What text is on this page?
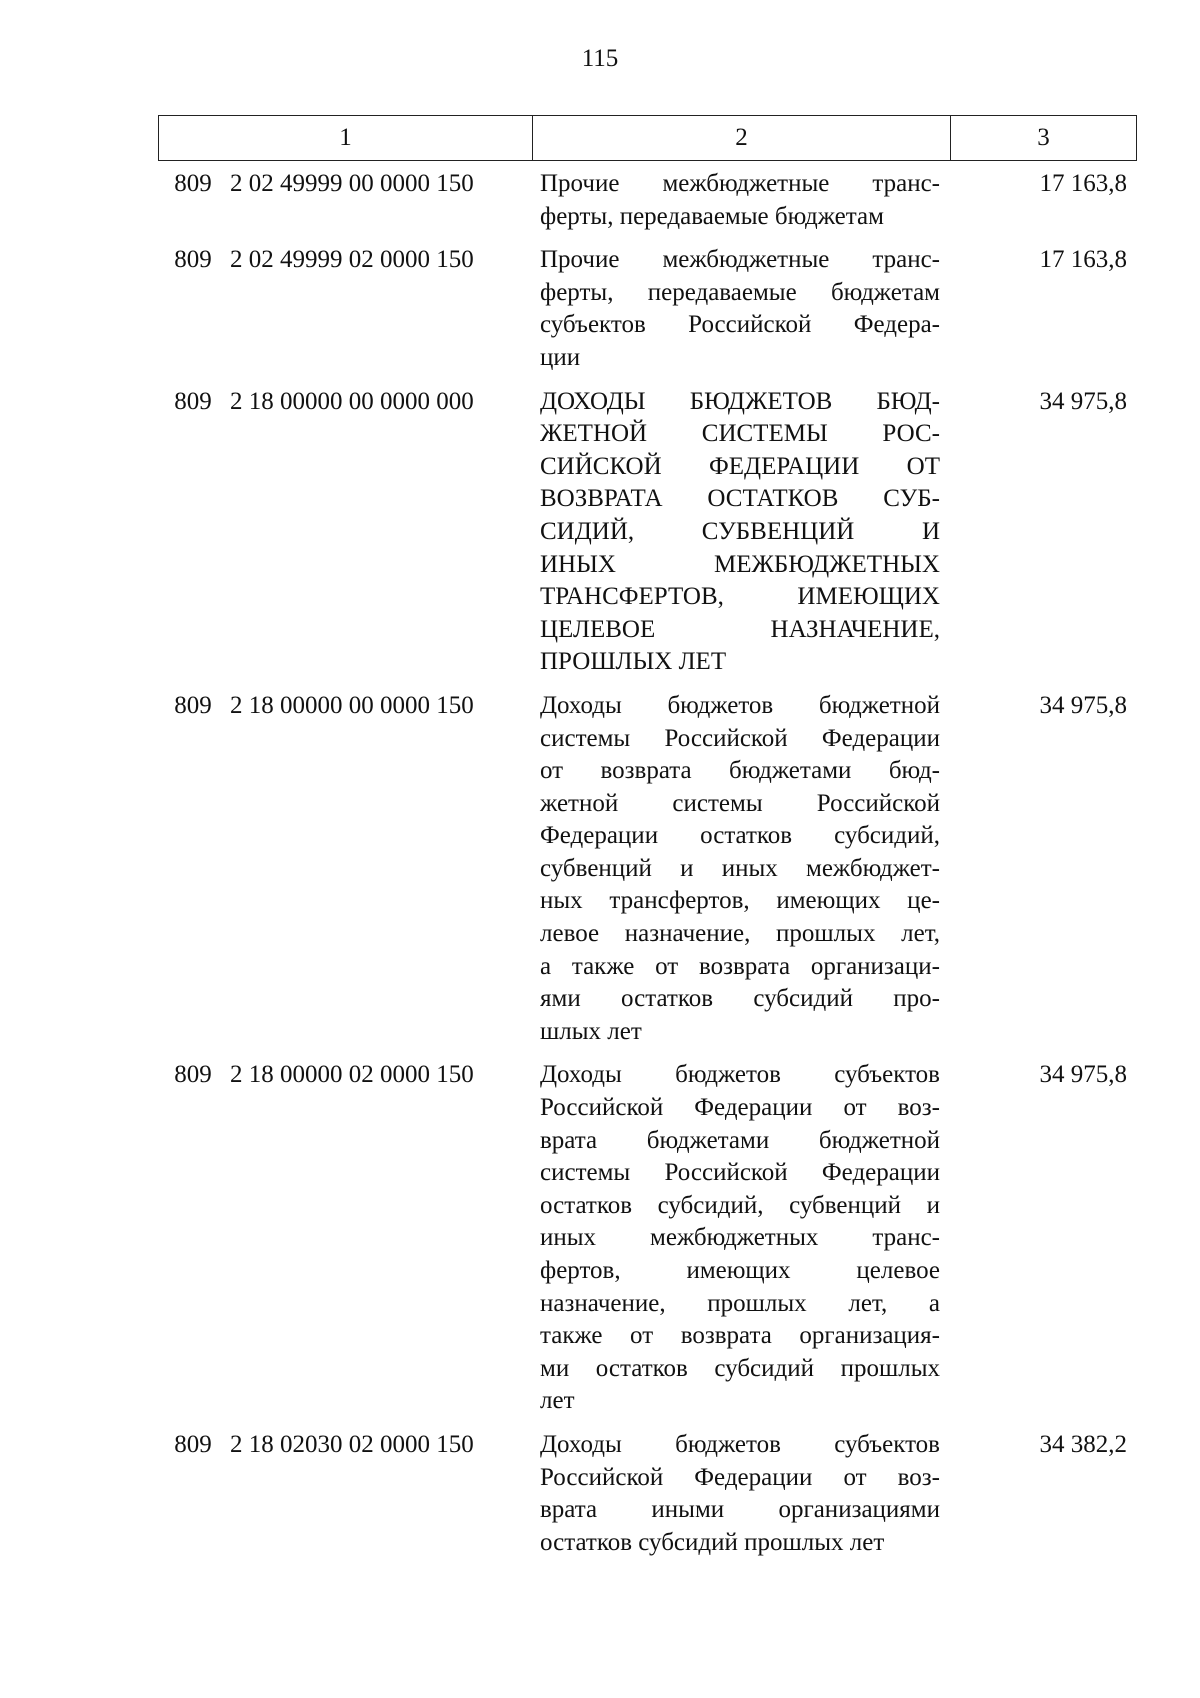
115
1	2	3
809 2 02 49999 00 0000 150	Прочие межбюджетные транс-
ферты, передаваемые бюджетам
17 163,8
809 2 02 49999 02 0000 150	Прочие межбюджетные транс-
ферты, передаваемые бюджетам
субъектов Российской Федера-
ции
17 163,8
809 2 18 00000 00 0000 000	ДОХОДЫ БЮДЖЕТОВ БЮД-
ЖЕТНОЙ СИСТЕМЫ РОС-
СИЙСКОЙ ФЕДЕРАЦИИ ОТ
ВОЗВРАТА ОСТАТКОВ СУБ-
СИДИЙ, СУБВЕНЦИЙ И
ИНЫХ МЕЖБЮДЖЕТНЫХ
ТРАНСФЕРТОВ, ИМЕЮЩИХ
ЦЕЛЕВОЕ НАЗНАЧЕНИЕ,
ПРОШЛЫХ ЛЕТ
34 975,8
809 2 18 00000 00 0000 150	Доходы бюджетов бюджетной
системы Российской Федерации
от возврата бюджетами бюд-
жетной системы Российской
Федерации остатков субсидий,
субвенций и иных межбюджет-
ных трансфертов, имеющих це-
левое назначение, прошлых лет,
а также от возврата организаци-
ями остатков субсидий про-
шлых лет
34 975,8
809 2 18 00000 02 0000 150	Доходы бюджетов субъектов
Российской Федерации от воз-
врата бюджетами бюджетной
системы Российской Федерации
остатков субсидий, субвенций и
иных межбюджетных транс-
фертов, имеющих целевое
назначение, прошлых лет, а
также от возврата организация-
ми остатков субсидий прошлых
лет
34 975,8
809 2 18 02030 02 0000 150	Доходы бюджетов субъектов
Российской Федерации от воз-
врата иными организациями
остатков субсидий прошлых лет
34 382,2
